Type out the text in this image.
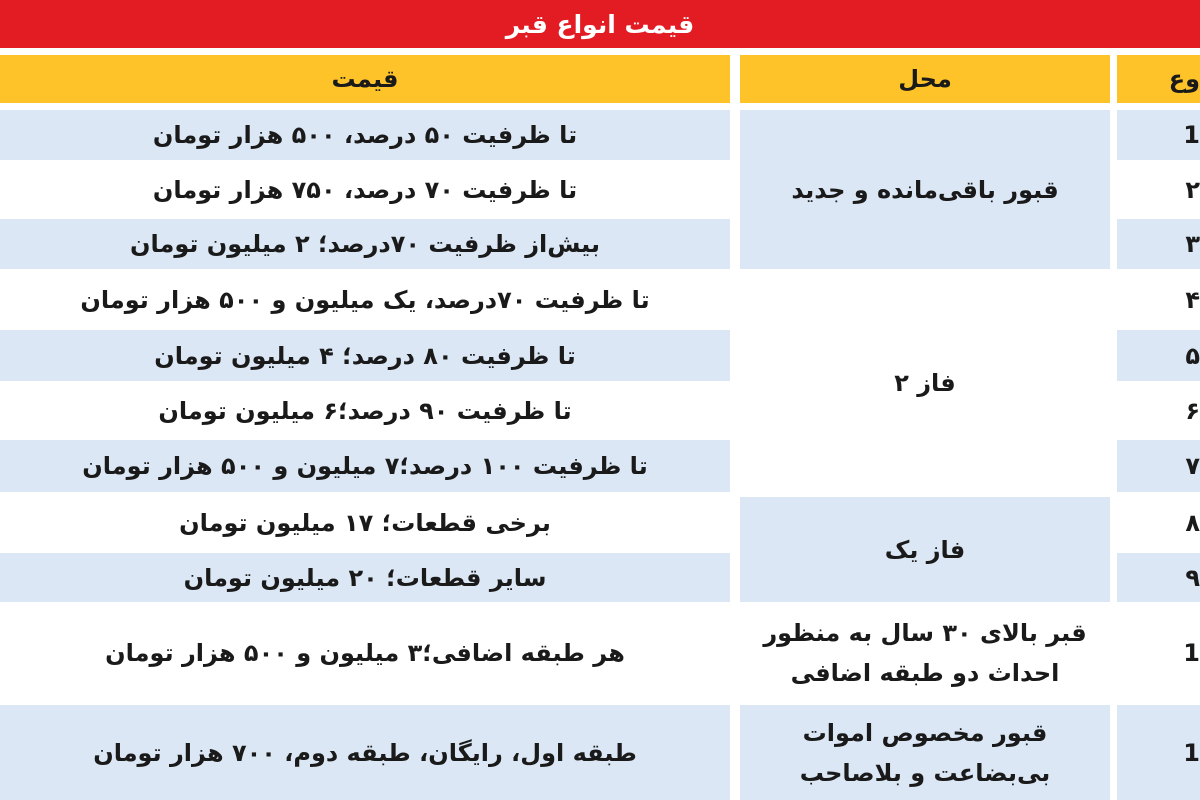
قیمت انواع قبر
قیمت	محل	وع
تا ظرفیت ۵۰ درصد، ۵۰۰ هزار تومان
تا ظرفیت ۷۰ درصد، ۷۵۰ هزار تومان
بیش‌از ظرفیت ۷۰درصد؛ ۲ میلیون تومان
تا ظرفیت ۷۰درصد، یک میلیون و ۵۰۰ هزار تومان
تا ظرفیت ۸۰ درصد؛ ۴ میلیون تومان
تا ظرفیت ۹۰ درصد؛۶ میلیون تومان
تا ظرفیت ۱۰۰ درصد؛۷ میلیون و ۵۰۰ هزار تومان
برخی قطعات؛ ۱۷ میلیون تومان
سایر قطعات؛ ۲۰ میلیون تومان
هر طبقه اضافی؛۳ میلیون و ۵۰۰ هزار تومان
طبقه اول، رایگان، طبقه دوم، ۷۰۰ هزار تومان
قبور باقی‌مانده و جدید
فاز ۲
فاز یک
قبر بالای ۳۰ سال به منظور احداث دو طبقه اضافی
قبور مخصوص اموات بی‌بضاعت و بلاصاحب
1
۲
۳
۴
۵
۶
۷
۸
۹
1
1
